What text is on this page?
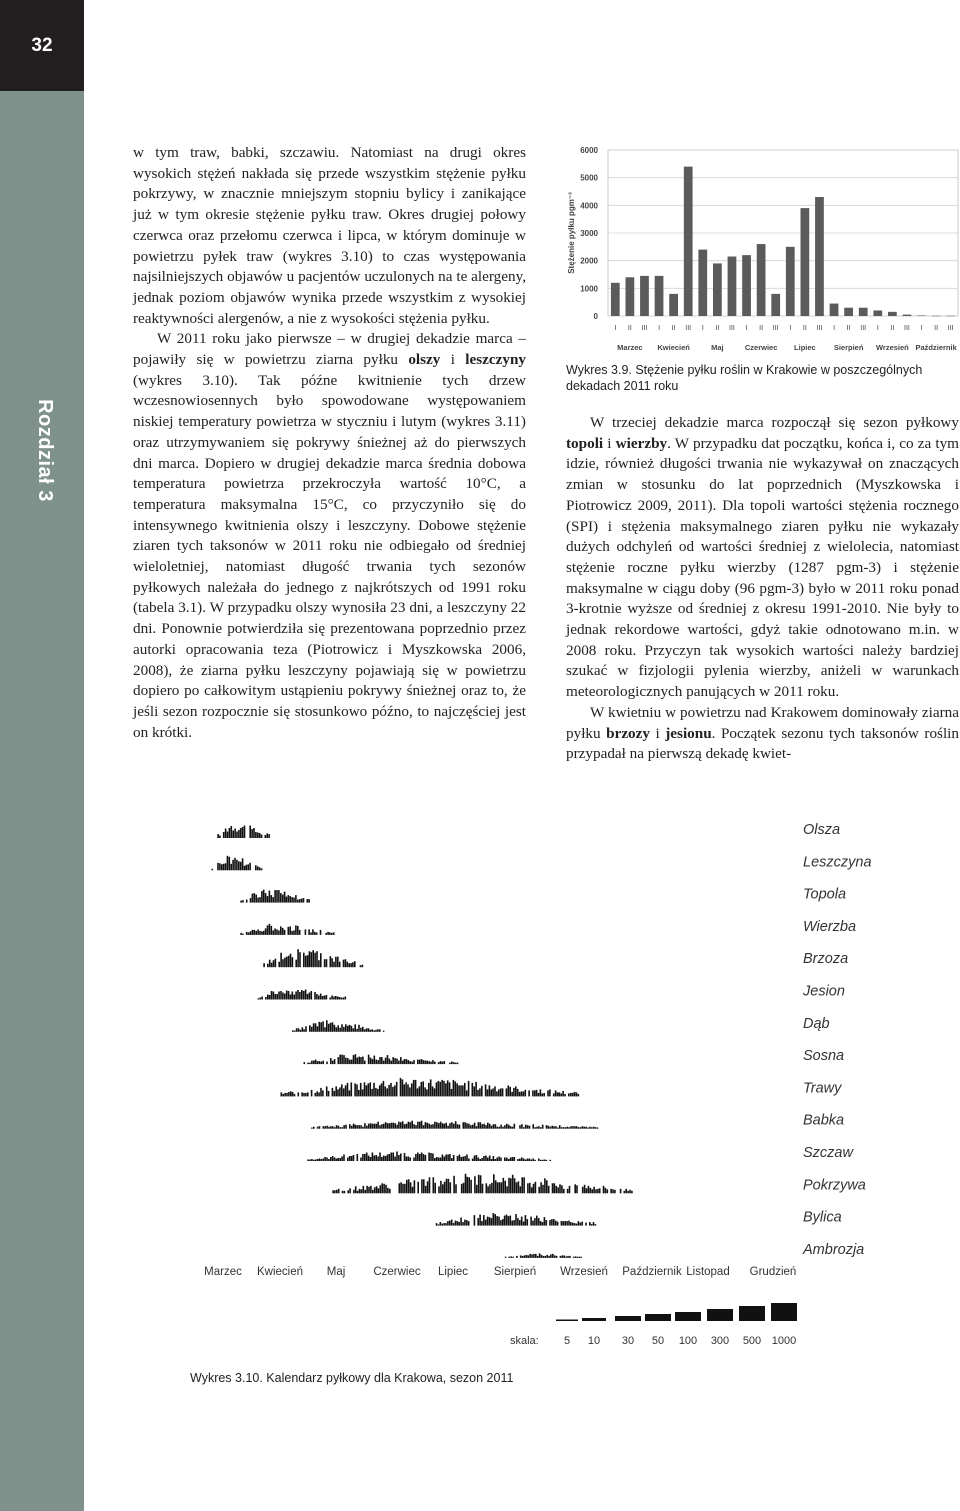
32
Rozdział 3

w tym traw, babki, szczawiu. Natomiast na drugi okres wysokich stężeń nakłada się przede wszystkim stężenie pyłku pokrzywy, w znacznie mniejszym stopniu bylicy i zanikające już w tym okresie stężenie pyłku traw. Okres drugiej połowy czerwca oraz przełomu czerwca i lipca, w którym dominuje w powietrzu pyłek traw (wykres 3.10) to czas występowania najsilniejszych objawów u pacjentów uczulonych na te alergeny, jednak poziom objawów wynika przede wszystkim z wysokiej reaktywności alergenów, a nie z wysokości stężenia pyłku.

W 2011 roku jako pierwsze – w drugiej dekadzie marca – pojawiły się w powietrzu ziarna pyłku olszy i leszczyny (wykres 3.10). Tak późne kwitnienie tych drzew wczesnowiosennych było spowodowane występowaniem niskiej temperatury powietrza w styczniu i lutym (wykres 3.11) oraz utrzymywaniem się pokrywy śnieżnej aż do pierwszych dni marca. Dopiero w drugiej dekadzie marca średnia dobowa temperatura powietrza przekroczyła wartość 10°C, a temperatura maksymalna 15°C, co przyczyniło się do intensywnego kwitnienia olszy i leszczyny. Dobowe stężenie ziaren tych taksonów w 2011 roku nie odbiegało od średniej wieloletniej, natomiast długość trwania tych sezonów pyłkowych należała do jednego z najkrótszych od 1991 roku (tabela 3.1). W przypadku olszy wynosiła 23 dni, a leszczyny 22 dni. Ponownie potwierdziła się prezentowana poprzednio przez autorki opracowania teza (Piotrowicz i Myszkowska 2006, 2008), że ziarna pyłku leszczyny pojawiają się w powietrzu dopiero po całkowitym ustąpieniu pokrywy śnieżnej oraz to, że jeśli sezon rozpocznie się stosunkowo późno, to najczęściej jest on krótki.

0
1000
2000
3000
4000
5000
6000
Stężenie pyłku pgm⁻³
I II III I II III I II III I II III I II III I II III I II III I II III
Marzec Kwiecień	Maj	Czerwiec Lipiec Sierpień Wrzesień Październik
Wykres 3.9. Stężenie pyłku roślin w Krakowie w poszczególnych dekadach 2011 roku

W trzeciej dekadzie marca rozpoczął się sezon pyłkowy topoli i wierzby. W przypadku dat początku, końca i, co za tym idzie, również długości trwania nie wykazywał on znaczących zmian w stosunku do lat poprzednich (Myszkowska i Piotrowicz 2009, 2011). Dla topoli wartości stężenia rocznego (SPI) i stężenia maksymalnego ziaren pyłku nie wykazały dużych odchyleń od wartości średniej z wielolecia, natomiast stężenie roczne pyłku wierzby (1287 pgm-3) i stężenie maksymalne w ciągu doby (96 pgm-3) było w 2011 roku ponad 3-krotnie wyższe od średniej z okresu 1991-2010. Nie były to jednak rekordowe wartości, gdyż takie odnotowano m.in. w 2008 roku. Przyczyn tak wysokich wartości należy bardziej szukać w fizjologii pylenia wierzby, aniżeli w warunkach meteorologicznych panujących w 2011 roku.

W kwietniu w powietrzu nad Krakowem dominowały ziarna pyłku brzozy i jesionu. Początek sezonu tych taksonów roślin przypadał na pierwszą dekadę kwiet-

Olsza
Leszczyna
Topola
Wierzba
Brzoza
Jesion
Dąb
Sosna
Trawy
Babka
Szczaw
Pokrzywa
Bylica
Ambrozja
Marzec Kwiecień Maj Czerwiec Lipiec Sierpień Wrzesień Październik Listopad Grudzień
skala: 5 10 30 50 100 300 500 1000
Wykres 3.10. Kalendarz pyłkowy dla Krakowa, sezon 2011
